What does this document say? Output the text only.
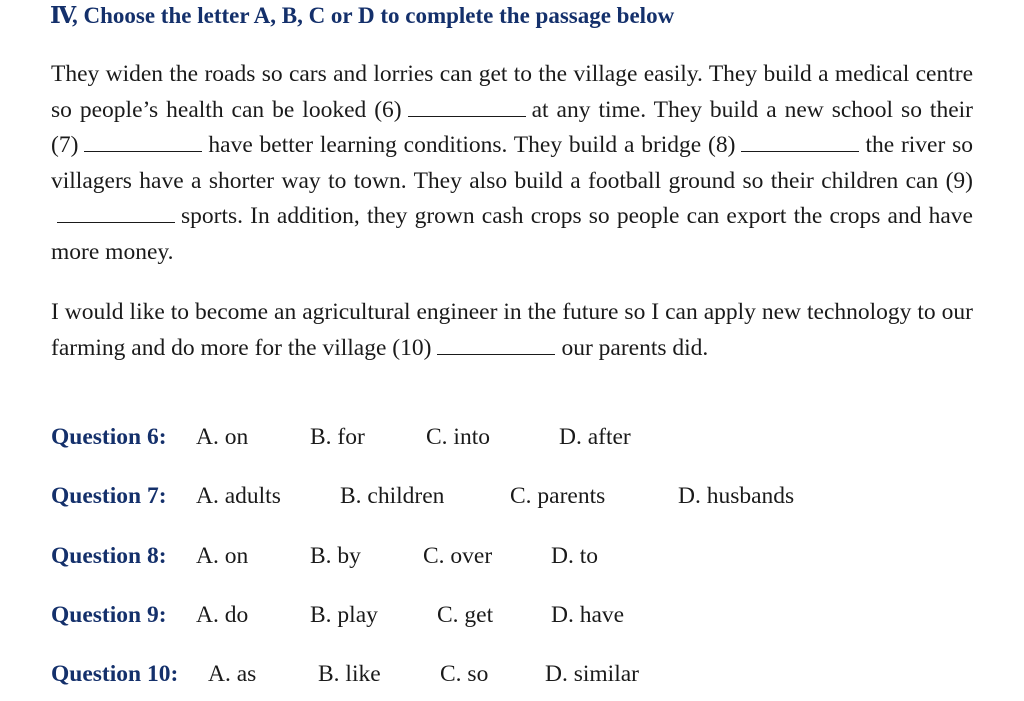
Ⅳ, Choose the letter A, B, C or D to complete the passage below

They widen the roads so cars and lorries can get to the village easily. They build a medical centre so people’s health can be looked (6)	at any time. They build a new school so their (7)	have better learning conditions. They build a bridge (8)	the river so villagers have a shorter way to town. They also build a football ground so their children can (9)sports. In addition, they grown cash crops so people can export the crops and have more money.

I would like to become an agricultural engineer in the future so I can apply new technology to our farming and do more for the village (10)	our parents did.

Question 6: A. on	B. for	C. into	D. after
Question 7: A. adults	B. children	C. parents	D. husbands
Question 8: A. on	B. by	C. over	D. to
Question 9: A. do	B. play	C. get D. have
Question 10: A. as	B. like	C. so D. similar
